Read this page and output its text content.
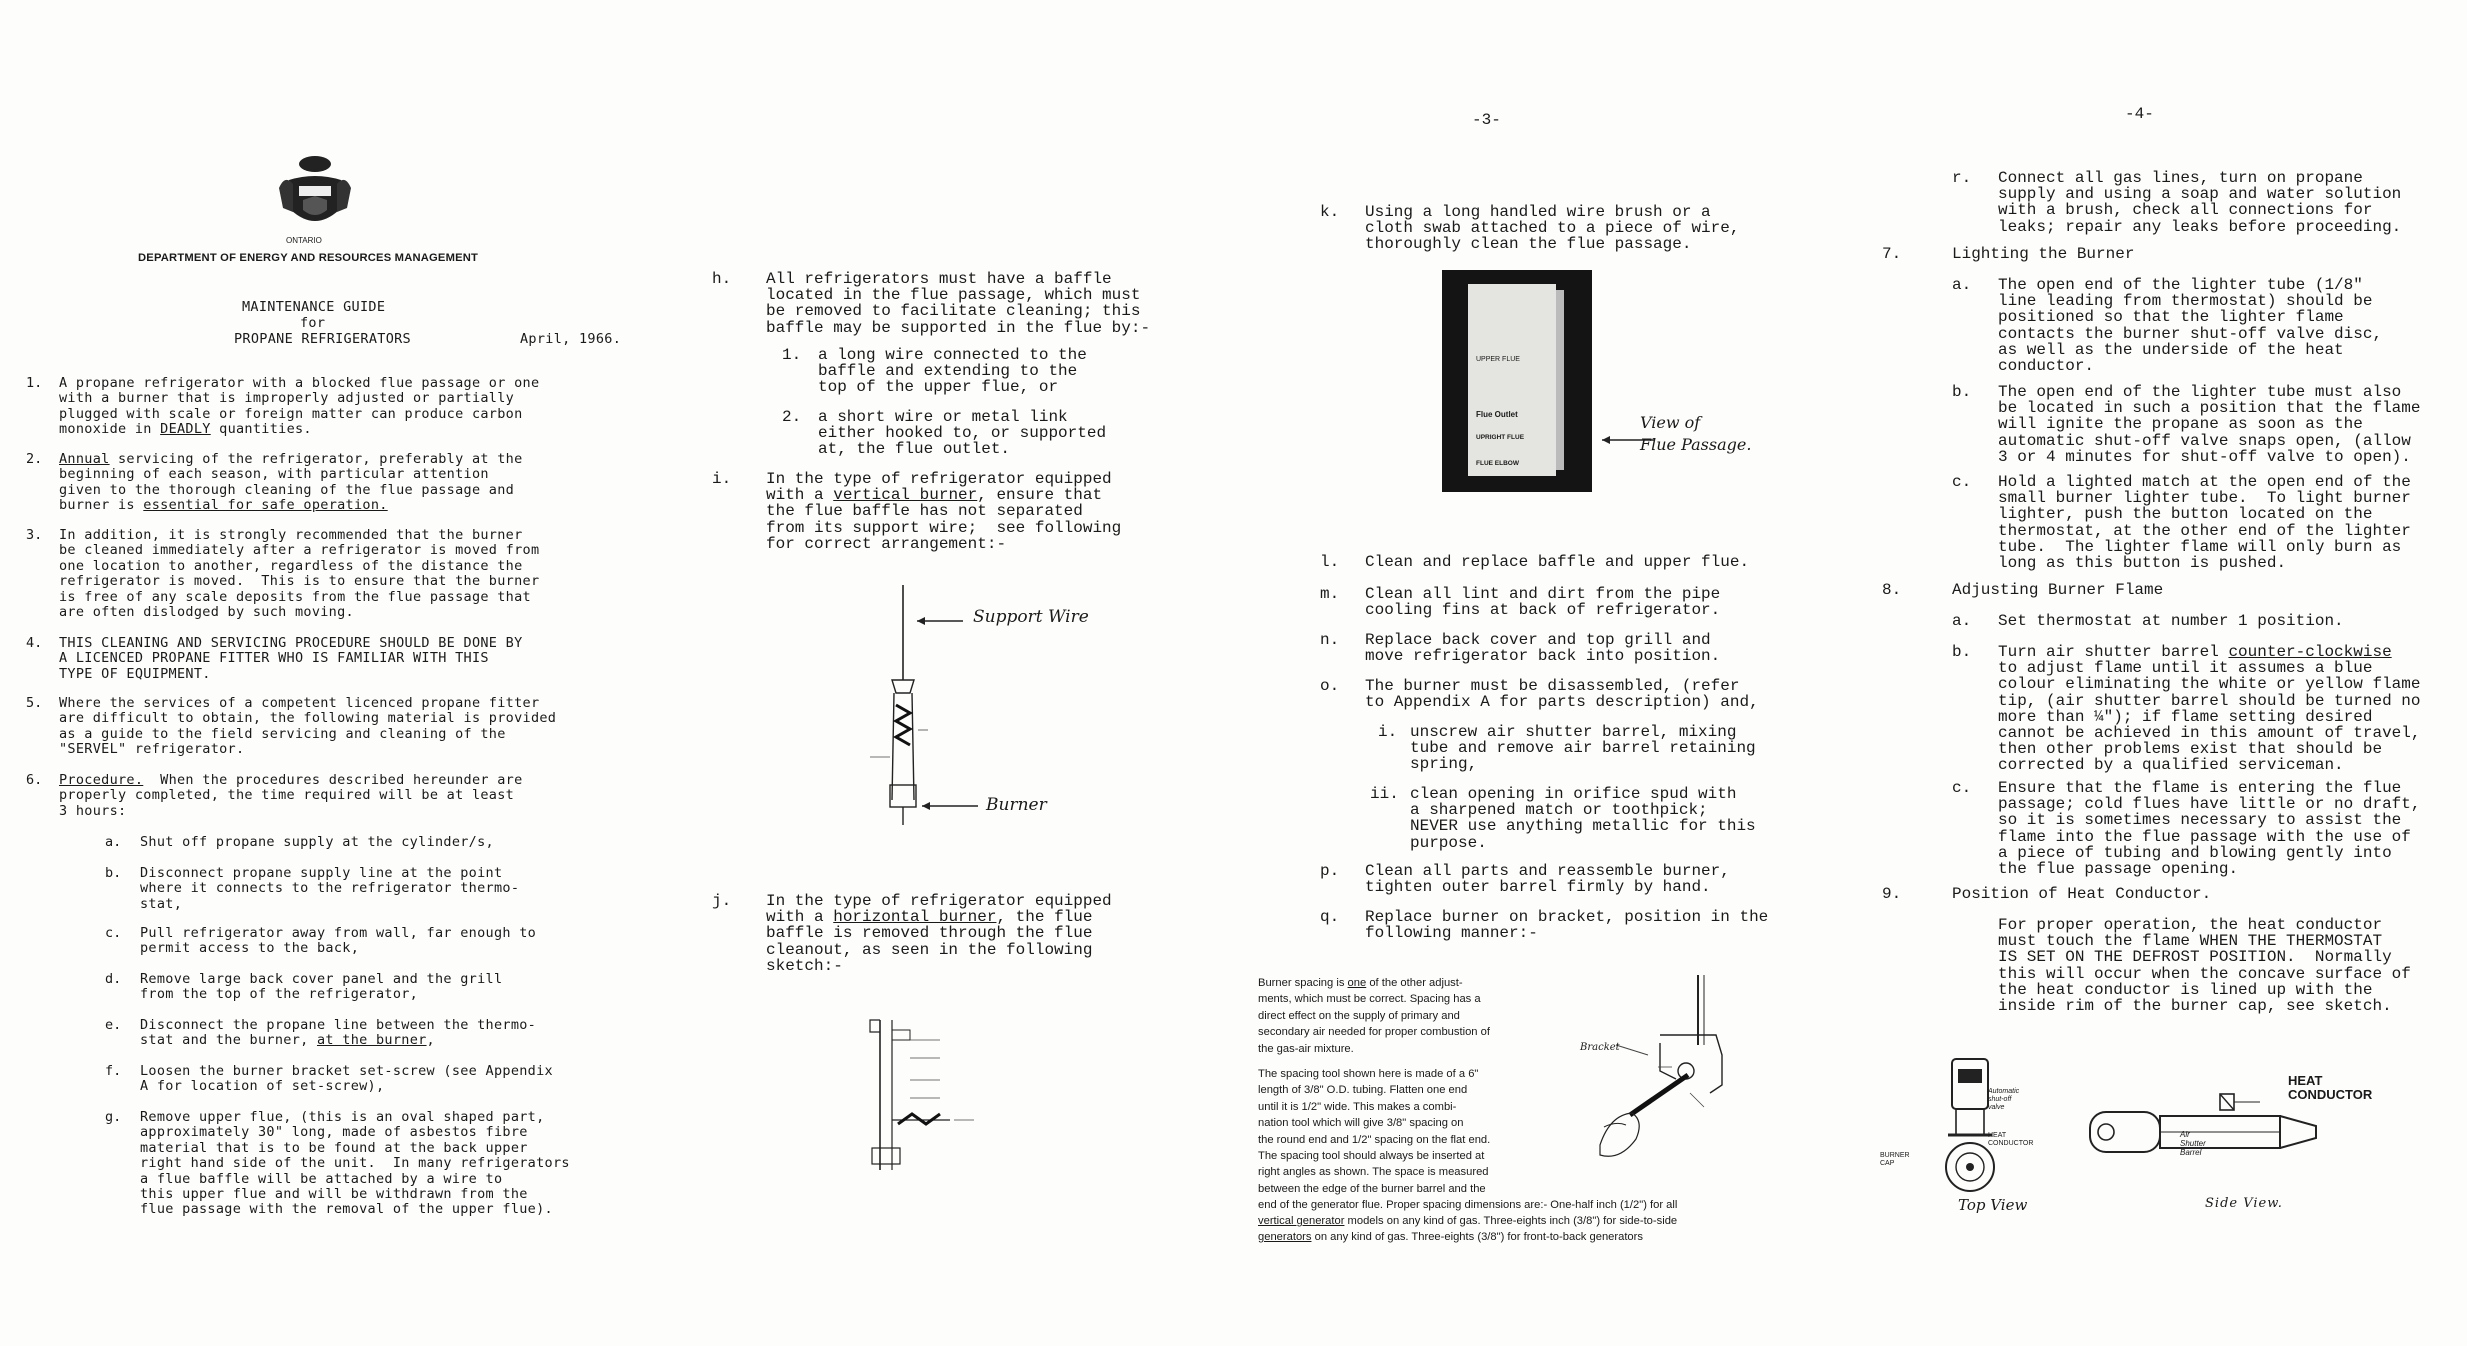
ONTARIO
DEPARTMENT OF ENERGY AND RESOURCES MANAGEMENT
MAINTENANCE GUIDE
for
PROPANE REFRIGERATORS	April, 1966.
1. A propane refrigerator with a blocked flue passage or one
with a burner that is improperly adjusted or partially
plugged with scale or foreign matter can produce carbon
monoxide in DEADLY quantities.
2. Annual servicing of the refrigerator, preferably at the
beginning of each season, with particular attention
given to the thorough cleaning of the flue passage and
burner is essential for safe operation.
3. In addition, it is strongly recommended that the burner
be cleaned immediately after a refrigerator is moved from
one location to another, regardless of the distance the
refrigerator is moved.  This is to ensure that the burner
is free of any scale deposits from the flue passage that
are often dislodged by such moving.
4. THIS CLEANING AND SERVICING PROCEDURE SHOULD BE DONE BY
A LICENCED PROPANE FITTER WHO IS FAMILIAR WITH THIS
TYPE OF EQUIPMENT.
5. Where the services of a competent licenced propane fitter
are difficult to obtain, the following material is provided
as a guide to the field servicing and cleaning of the
"SERVEL" refrigerator.
6. Procedure.  When the procedures described hereunder are
properly completed, the time required will be at least
3 hours:
a. Shut off propane supply at the cylinder/s,
b. Disconnect propane supply line at the point
where it connects to the refrigerator thermo-
stat,
c. Pull refrigerator away from wall, far enough to
permit access to the back,
d. Remove large back cover panel and the grill
from the top of the refrigerator,
e. Disconnect the propane line between the thermo-
stat and the burner, at the burner,
f. Loosen the burner bracket set-screw (see Appendix
A for location of set-screw),
g. Remove upper flue, (this is an oval shaped part,
approximately 30" long, made of asbestos fibre
material that is to be found at the back upper
right hand side of the unit.  In many refrigerators
a flue baffle will be attached by a wire to
this upper flue and will be withdrawn from the
flue passage with the removal of the upper flue).
h. All refrigerators must have a baffle
located in the flue passage, which must
be removed to facilitate cleaning; this
baffle may be supported in the flue by:-
1. a long wire connected to the
baffle and extending to the
top of the upper flue, or
2. a short wire or metal link
either hooked to, or supported
at, the flue outlet.
i. In the type of refrigerator equipped
with a vertical burner, ensure that
the flue baffle has not separated
from its support wire;  see following
for correct arrangement:-
Support Wire
Burner
j. In the type of refrigerator equipped
with a horizontal burner, the flue
baffle is removed through the flue
cleanout, as seen in the following
sketch:-
-3-
k. Using a long handled wire brush or a
cloth swab attached to a piece of wire,
thoroughly clean the flue passage.
UPPER FLUE
Flue Outlet
UPRIGHT FLUE
FLUE ELBOW
View of
Flue Passage.
l. Clean and replace baffle and upper flue.
m. Clean all lint and dirt from the pipe
cooling fins at back of refrigerator.
n. Replace back cover and top grill and
move refrigerator back into position.
o. The burner must be disassembled, (refer
to Appendix A for parts description) and,
i. unscrew air shutter barrel, mixing
tube and remove air barrel retaining
spring,
ii. clean opening in orifice spud with
a sharpened match or toothpick;
NEVER use anything metallic for this
purpose.
p. Clean all parts and reassemble burner,
tighten outer barrel firmly by hand.
q. Replace burner on bracket, position in the
following manner:-
Burner spacing is one of the other adjust-
ments, which must be correct. Spacing has a
direct effect on the supply of primary and
secondary air needed for proper combustion of
the gas-air mixture.
The spacing tool shown here is made of a 6"
length of 3/8" O.D. tubing. Flatten one end
until it is 1/2" wide. This makes a combi-
nation tool which will give 3/8" spacing on
the round end and 1/2" spacing on the flat end.
The spacing tool should always be inserted at
right angles as shown. The space is measured
between the edge of the burner barrel and the
end of the generator flue. Proper spacing dimensions are:- One-half inch (1/2") for all
vertical generator models on any kind of gas. Three-eights inch (3/8") for side-to-side
generators on any kind of gas. Three-eights (3/8") for front-to-back generators
Bracket
-4-
r. Connect all gas lines, turn on propane
supply and using a soap and water solution
with a brush, check all connections for
leaks; repair any leaks before proceeding.
7.	Lighting the Burner
a. The open end of the lighter tube (1/8"
line leading from thermostat) should be
positioned so that the lighter flame
contacts the burner shut-off valve disc,
as well as the underside of the heat
conductor.
b. The open end of the lighter tube must also
be located in such a position that the flame
will ignite the propane as soon as the
automatic shut-off valve snaps open, (allow
3 or 4 minutes for shut-off valve to open).
c. Hold a lighted match at the open end of the
small burner lighter tube.  To light burner
lighter, push the button located on the
thermostat, at the other end of the lighter
tube.  The lighter flame will only burn as
long as this button is pushed.
8.	Adjusting Burner Flame
a. Set thermostat at number 1 position.
b. Turn air shutter barrel counter-clockwise
to adjust flame until it assumes a blue
colour eliminating the white or yellow flame
tip, (air shutter barrel should be turned no
more than ¼"); if flame setting desired
cannot be achieved in this amount of travel,
then other problems exist that should be
corrected by a qualified serviceman.
c. Ensure that the flame is entering the flue
passage; cold flues have little or no draft,
so it is sometimes necessary to assist the
flame into the flue passage with the use of
a piece of tubing and blowing gently into
the flue passage opening.
9.	Position of Heat Conductor.
For proper operation, the heat conductor
must touch the flame WHEN THE THERMOSTAT
IS SET ON THE DEFROST POSITION.  Normally
this will occur when the concave surface of
the heat conductor is lined up with the
inside rim of the burner cap, see sketch.
Automatic
shut-off
valve
HEAT
CONDUCTOR
BURNER
CAP
HEAT
CONDUCTOR
Air
Shutter
Barrel
Top View	Side View.
